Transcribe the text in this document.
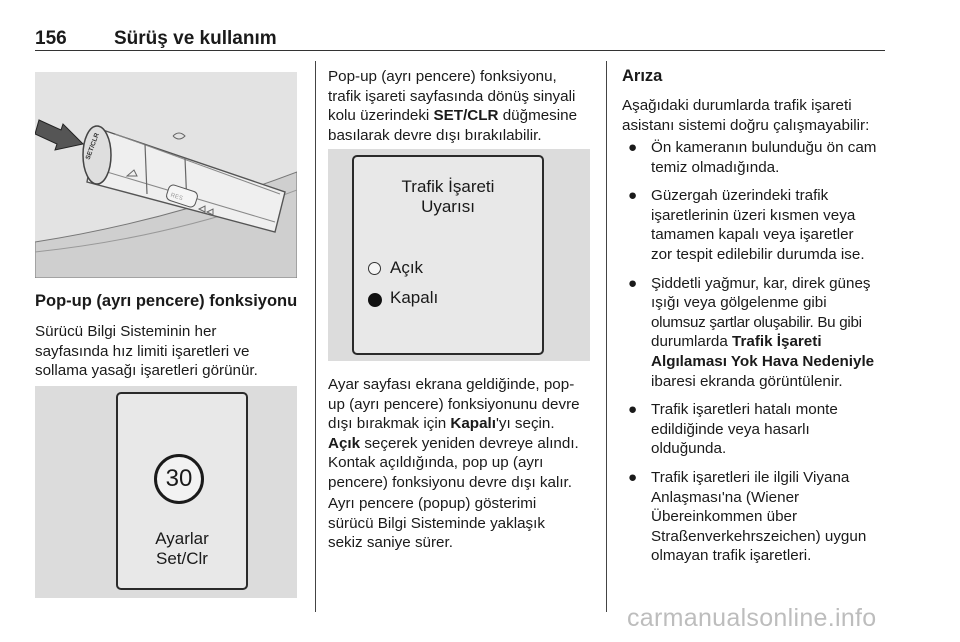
156 Sürüş ve kullanım
RES
SET/CLR
Pop-up (ayrı pencere) fonksiyonu
Sürücü Bilgi Sisteminin her
sayfasında hız limiti işaretleri ve
sollama yasağı işaretleri görünür.
30
Ayarlar
Set/Clr
Pop-up (ayrı pencere) fonksiyonu,
trafik işareti sayfasında dönüş sinyali
kolu üzerindeki SET/CLR düğmesine
basılarak devre dışı bırakılabilir.
Trafik İşareti
Uyarısı
Açık
Kapalı
Ayar sayfası ekrana geldiğinde, pop-
up (ayrı pencere) fonksiyonunu devre
dışı bırakmak için Kapalı'yı seçin.
Açık seçerek yeniden devreye alındı.
Kontak açıldığında, pop up (ayrı
pencere) fonksiyonu devre dışı kalır.
Ayrı pencere (popup) gösterimi
sürücü Bilgi Sisteminde yaklaşık
sekiz saniye sürer.
Arıza
Aşağıdaki durumlarda trafik işareti
asistanı sistemi doğru çalışmayabilir:
● Ön kameranın bulunduğu ön cam
temiz olmadığında.
● Güzergah üzerindeki trafik
işaretlerinin üzeri kısmen veya
tamamen kapalı veya işaretler
zor tespit edilebilir durumda ise.
● Şiddetli yağmur, kar, direk güneş
ışığı veya gölgelenme gibi
olumsuz şartlar oluşabilir. Bu gibi
durumlarda Trafik İşareti
Algılaması Yok Hava Nedeniyle
ibaresi ekranda görüntülenir.
● Trafik işaretleri hatalı monte
edildiğinde veya hasarlı
olduğunda.
● Trafik işaretleri ile ilgili Viyana
Anlaşması'na (Wiener
Übereinkommen über
Straßenverkehrszeichen) uygun
olmayan trafik işaretleri.
carmanualsonline.info
